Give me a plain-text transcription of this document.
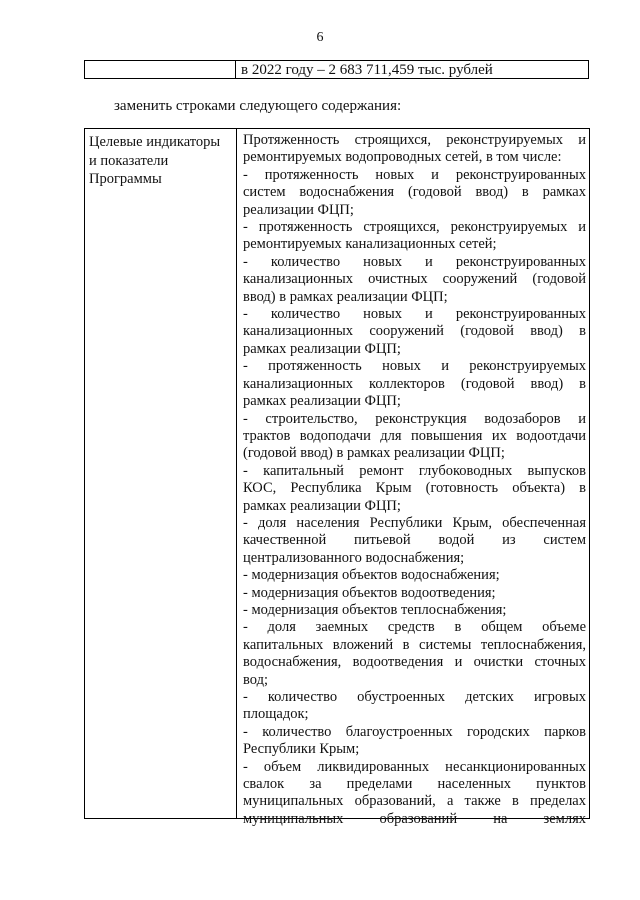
6
в 2022 году – 2 683 711,459 тыс. рублей
заменить строками следующего содержания:
Целевые индикаторы
и показатели
Программы
Протяженность строящихся, реконструируемых и
ремонтируемых водопроводных сетей, в том числе:
- протяженность новых и реконструированных
систем водоснабжения (годовой ввод) в рамках
реализации ФЦП;
- протяженность строящихся, реконструируемых и
ремонтируемых канализационных сетей;
- количество новых и реконструированных
канализационных очистных сооружений (годовой
ввод) в рамках реализации ФЦП;
- количество новых и реконструированных
канализационных сооружений (годовой ввод) в
рамках реализации ФЦП;
- протяженность новых и реконструируемых
канализационных коллекторов (годовой ввод) в
рамках реализации ФЦП;
- строительство, реконструкция водозаборов и
трактов водоподачи для повышения их водоотдачи
(годовой ввод) в рамках реализации ФЦП;
- капитальный ремонт глубоководных выпусков
КОС, Республика Крым (готовность объекта) в
рамках реализации ФЦП;
- доля населения Республики Крым, обеспеченная
качественной питьевой водой из систем
централизованного водоснабжения;
- модернизация объектов водоснабжения;
- модернизация объектов водоотведения;
- модернизация объектов теплоснабжения;
- доля заемных средств в общем объеме
капитальных вложений в системы теплоснабжения,
водоснабжения, водоотведения и очистки сточных
вод;
- количество обустроенных детских игровых
площадок;
- количество благоустроенных городских парков
Республики Крым;
- объем ликвидированных несанкционированных
свалок за пределами населенных пунктов
муниципальных образований, а также в пределах
муниципальных образований на землях
